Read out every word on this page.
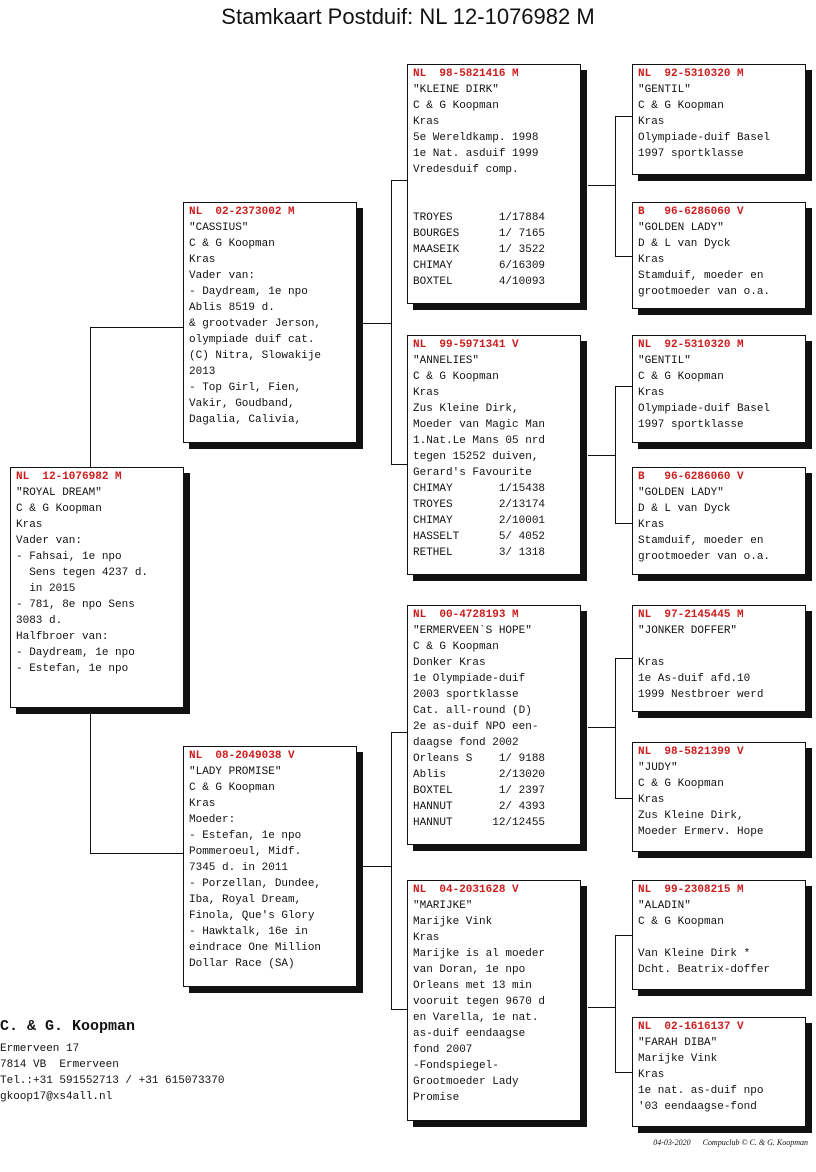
Stamkaart Postduif: NL 12-1076982 M
NL  12-1076982 M
"ROYAL DREAM"
C & G Koopman
Kras
Vader van:
- Fahsai, 1e npo
Sens tegen 4237 d.
in 2015
- 781, 8e npo Sens
3083 d.
Halfbroer van:
- Daydream, 1e npo
- Estefan, 1e npo
NL  02-2373002 M
"CASSIUS"
C & G Koopman
Kras
Vader van:
- Daydream, 1e npo
Ablis 8519 d.
& grootvader Jerson,
olympiade duif cat.
(C) Nitra, Slowakije
2013
- Top Girl, Fien,
Vakir, Goudband,
Dagalia, Calivia,
NL  08-2049038 V
"LADY PROMISE"
C & G Koopman
Kras
Moeder:
- Estefan, 1e npo
Pommeroeul, Midf.
7345 d. in 2011
- Porzellan, Dundee,
Iba, Royal Dream,
Finola, Que's Glory
- Hawktalk, 16e in
eindrace One Million
Dollar Race (SA)
NL  98-5821416 M
"KLEINE DIRK"
C & G Koopman
Kras
5e Wereldkamp. 1998
1e Nat. asduif 1999
Vredesduif comp.
TROYES       1/17884
BOURGES      1/ 7165
MAASEIK      1/ 3522
CHIMAY       6/16309
BOXTEL       4/10093
NL  99-5971341 V
"ANNELIES"
C & G Koopman
Kras
Zus Kleine Dirk,
Moeder van Magic Man
1.Nat.Le Mans 05 nrd
tegen 15252 duiven,
Gerard's Favourite
CHIMAY       1/15438
TROYES       2/13174
CHIMAY       2/10001
HASSELT      5/ 4052
RETHEL       3/ 1318
NL  00-4728193 M
"ERMERVEEN`S HOPE"
C & G Koopman
Donker Kras
1e Olympiade-duif
2003 sportklasse
Cat. all-round (D)
2e as-duif NPO een-
daagse fond 2002
Orleans S    1/ 9188
Ablis        2/13020
BOXTEL       1/ 2397
HANNUT       2/ 4393
HANNUT      12/12455
NL  04-2031628 V
"MARIJKE"
Marijke Vink
Kras
Marijke is al moeder
van Doran, 1e npo
Orleans met 13 min
vooruit tegen 9670 d
en Varella, 1e nat.
as-duif eendaagse
fond 2007
-Fondspiegel-
Grootmoeder Lady
Promise
NL  92-5310320 M
"GENTIL"
C & G Koopman
Kras
Olympiade-duif Basel
1997 sportklasse
B   96-6286060 V
"GOLDEN LADY"
D & L van Dyck
Kras
Stamduif, moeder en
grootmoeder van o.a.
NL  92-5310320 M
"GENTIL"
C & G Koopman
Kras
Olympiade-duif Basel
1997 sportklasse
B   96-6286060 V
"GOLDEN LADY"
D & L van Dyck
Kras
Stamduif, moeder en
grootmoeder van o.a.
NL  97-2145445 M
"JONKER DOFFER"
Kras
1e As-duif afd.10
1999 Nestbroer werd
NL  98-5821399 V
"JUDY"
C & G Koopman
Kras
Zus Kleine Dirk,
Moeder Ermerv. Hope
NL  99-2308215 M
"ALADIN"
C & G Koopman
Van Kleine Dirk *
Dcht. Beatrix-doffer
NL  02-1616137 V
"FARAH DIBA"
Marijke Vink
Kras
1e nat. as-duif npo
'03 eendaagse-fond
C. & G. Koopman
Ermerveen 17
7814 VB  Ermerveen
Tel.:+31 591552713 / +31 615073370
gkoop17@xs4all.nl
04-03-2020 Compuclub © C. & G. Koopman
